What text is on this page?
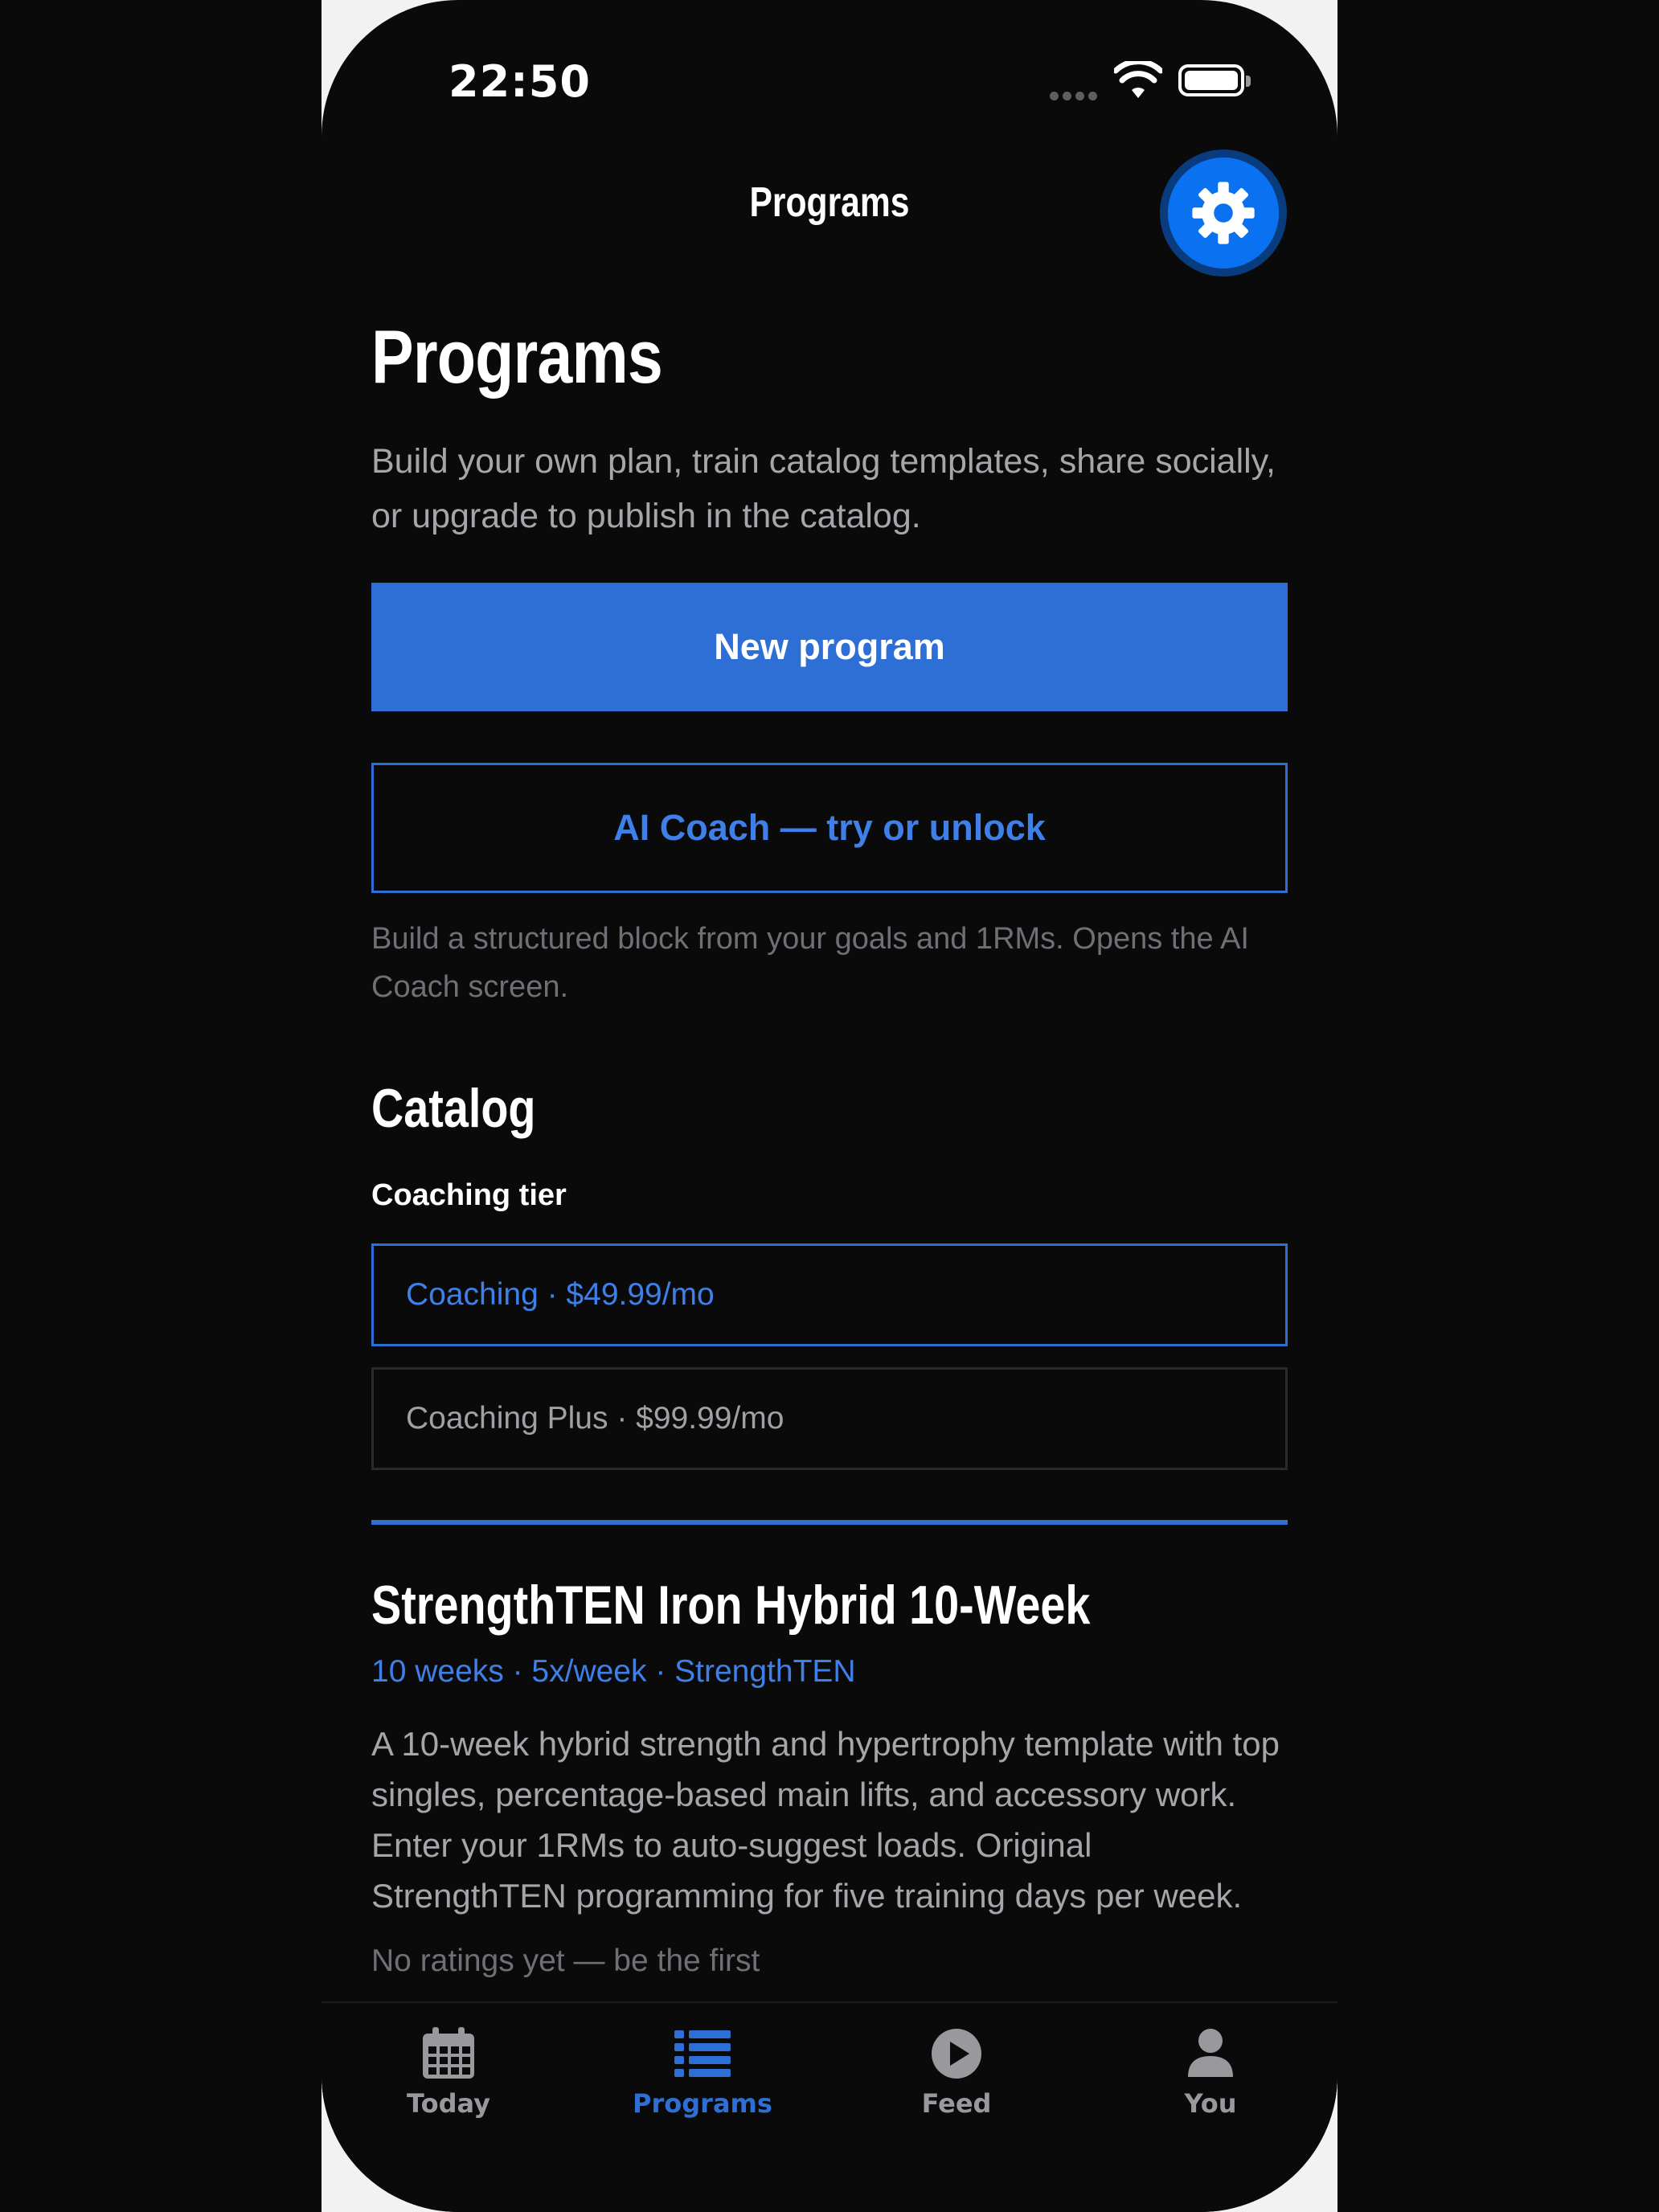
22:50
Programs
Programs
Build your own plan, train catalog templates, share socially, or upgrade to publish in the catalog.
New program
AI Coach — try or unlock
Build a structured block from your goals and 1RMs. Opens the AI Coach screen.
Catalog
Coaching tier
Coaching · $49.99/mo
Coaching Plus · $99.99/mo
StrengthTEN Iron Hybrid 10-Week
10 weeks · 5x/week · StrengthTEN
A 10-week hybrid strength and hypertrophy template with top singles, percentage-based main lifts, and accessory work. Enter your 1RMs to auto-suggest loads. Original StrengthTEN programming for five training days per week.
No ratings yet — be the first
Today	Programs	Feed	You
